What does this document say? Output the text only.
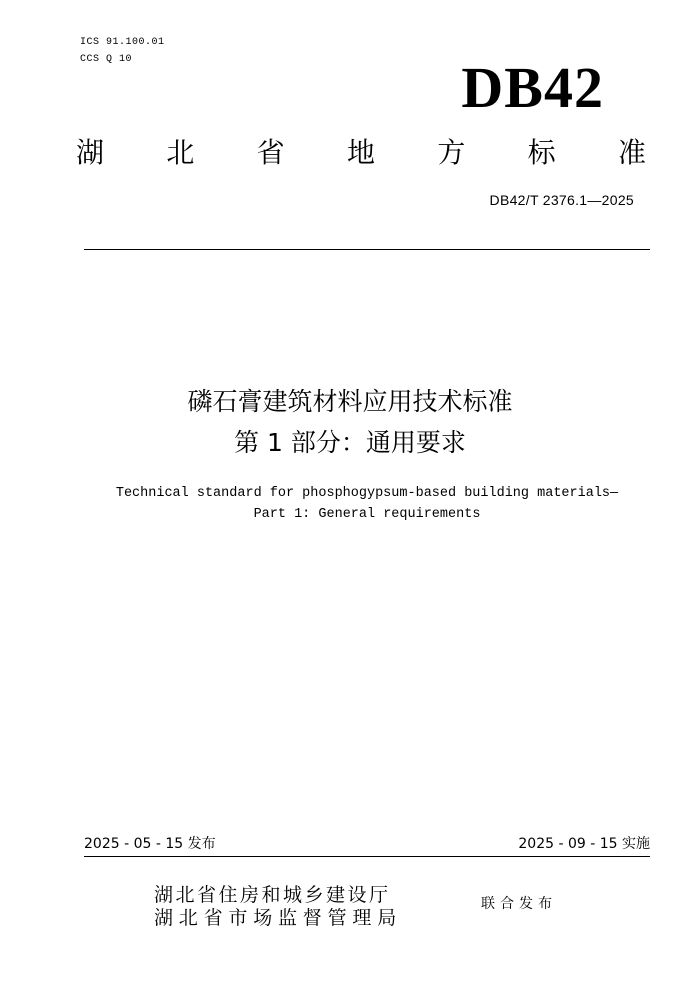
ICS 91.100.01
CCS Q 10	DB42
湖 北 省 地 方 标 准
DB42/T 2376.1—2025
磷石膏建筑材料应用技术标准
第 1 部分：通用要求
Technical standard for phosphogypsum-based building materials—
Part 1: General requirements
2025 - 05 - 15 发布	2025 - 09 - 15 实施
湖北省住房和城乡建设厅
湖北省市场监督管理局
联合发布
